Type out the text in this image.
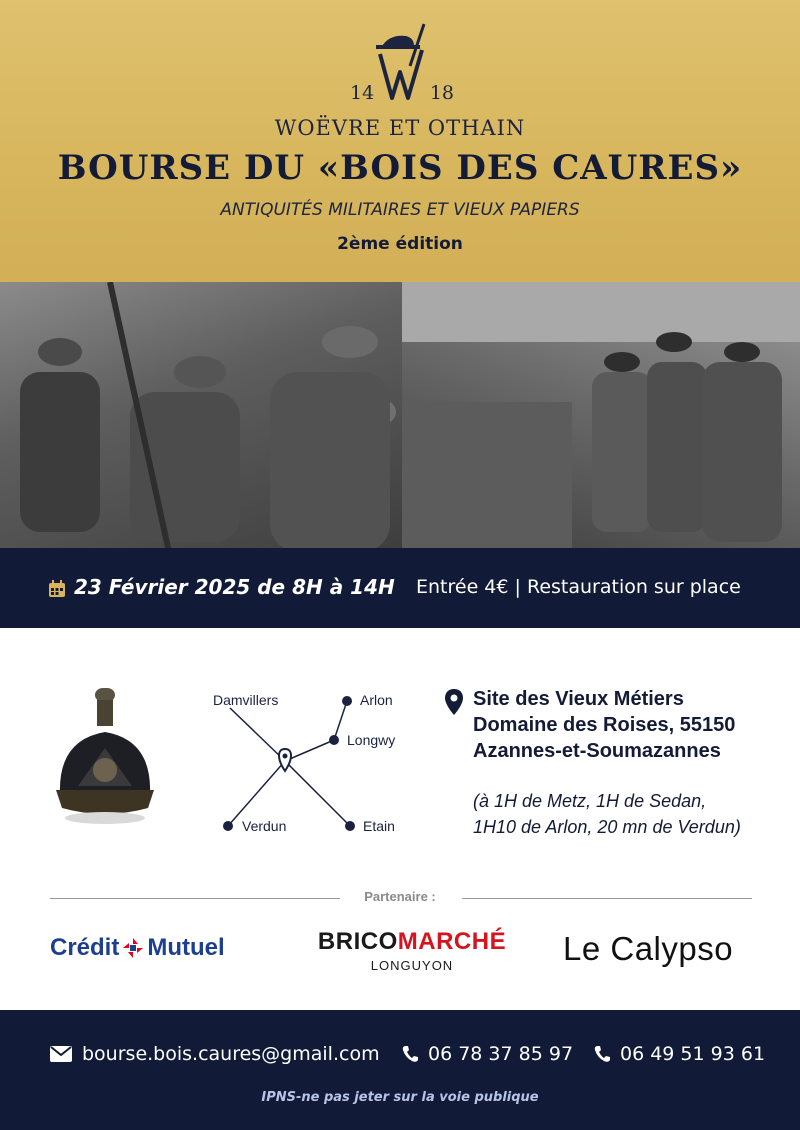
14	18
WOËVRE ET OTHAIN
BOURSE DU «BOIS DES CAURES»
ANTIQUITÉS MILITAIRES ET VIEUX PAPIERS
2ème édition
23 Février 2025 de 8H à 14H Entrée 4€ | Restauration sur place
Damvillers	Arlon
Longwy
Verdun	Etain
Site des Vieux Métiers
Domaine des Roises, 55150
Azannes-et-Soumazannes
(à 1H de Metz, 1H de Sedan,
1H10 de Arlon, 20 mn de Verdun)
Partenaire :
Crédit Mutuel	BRICOMARCHÉ
LONGUYON	Le Calypso
bourse.bois.caures@gmail.com	06 78 37 85 97 06 49 51 93 61
IPNS-ne pas jeter sur la voie publique
